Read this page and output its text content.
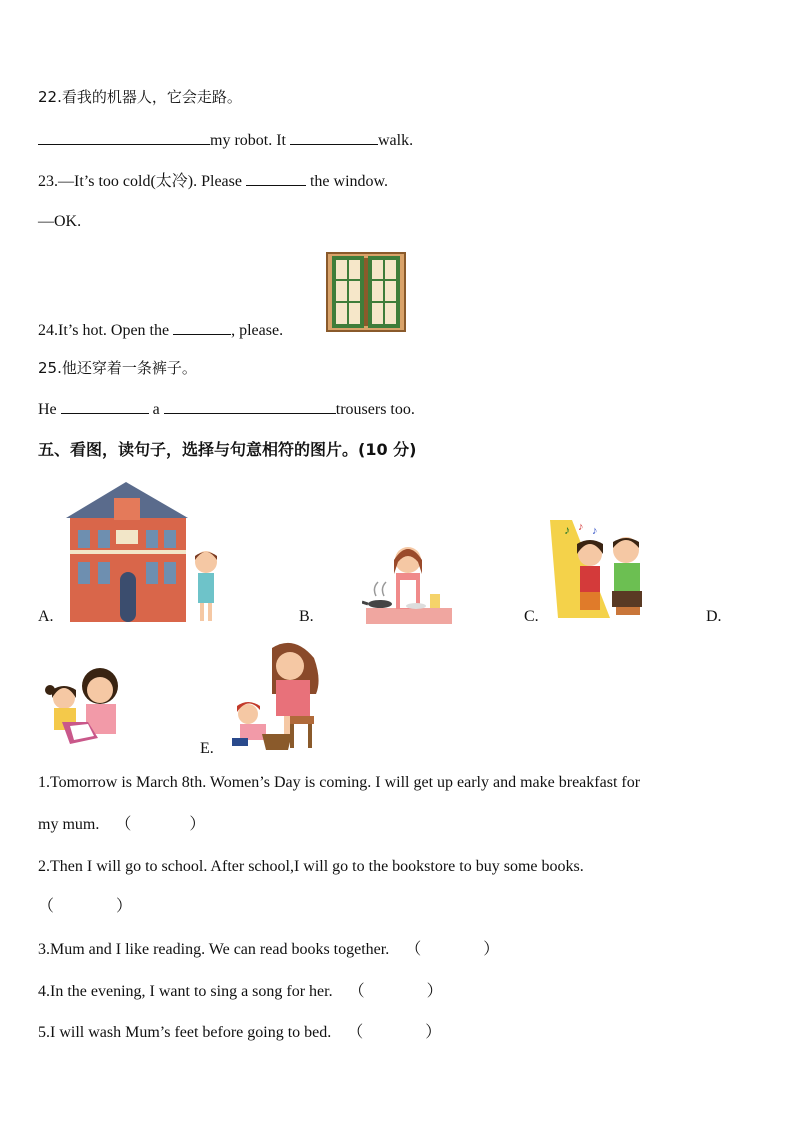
22.看我的机器人，它会走路。
my robot. It	walk.
23.—It’s too cold(太冷). Please	the window.
—OK.
24.It’s hot. Open the	, please.
25.他还穿着一条裤子。
He	a	trousers too.
五、看图，读句子，选择与句意相符的图片。(10 分)
A.	B.
♪ ♪ ♪
C.	D.
E.
1.Tomorrow is March 8th. Women’s Day is coming. I will get up early and make breakfast for
my mum. （	）
2.Then I will go to school. After school,I will go to the bookstore to buy some books.
（	）
3.Mum and I like reading. We can read books together. （	）
4.In the evening, I want to sing a song for her. （	）
5.I will wash Mum’s feet before going to bed. （	）
